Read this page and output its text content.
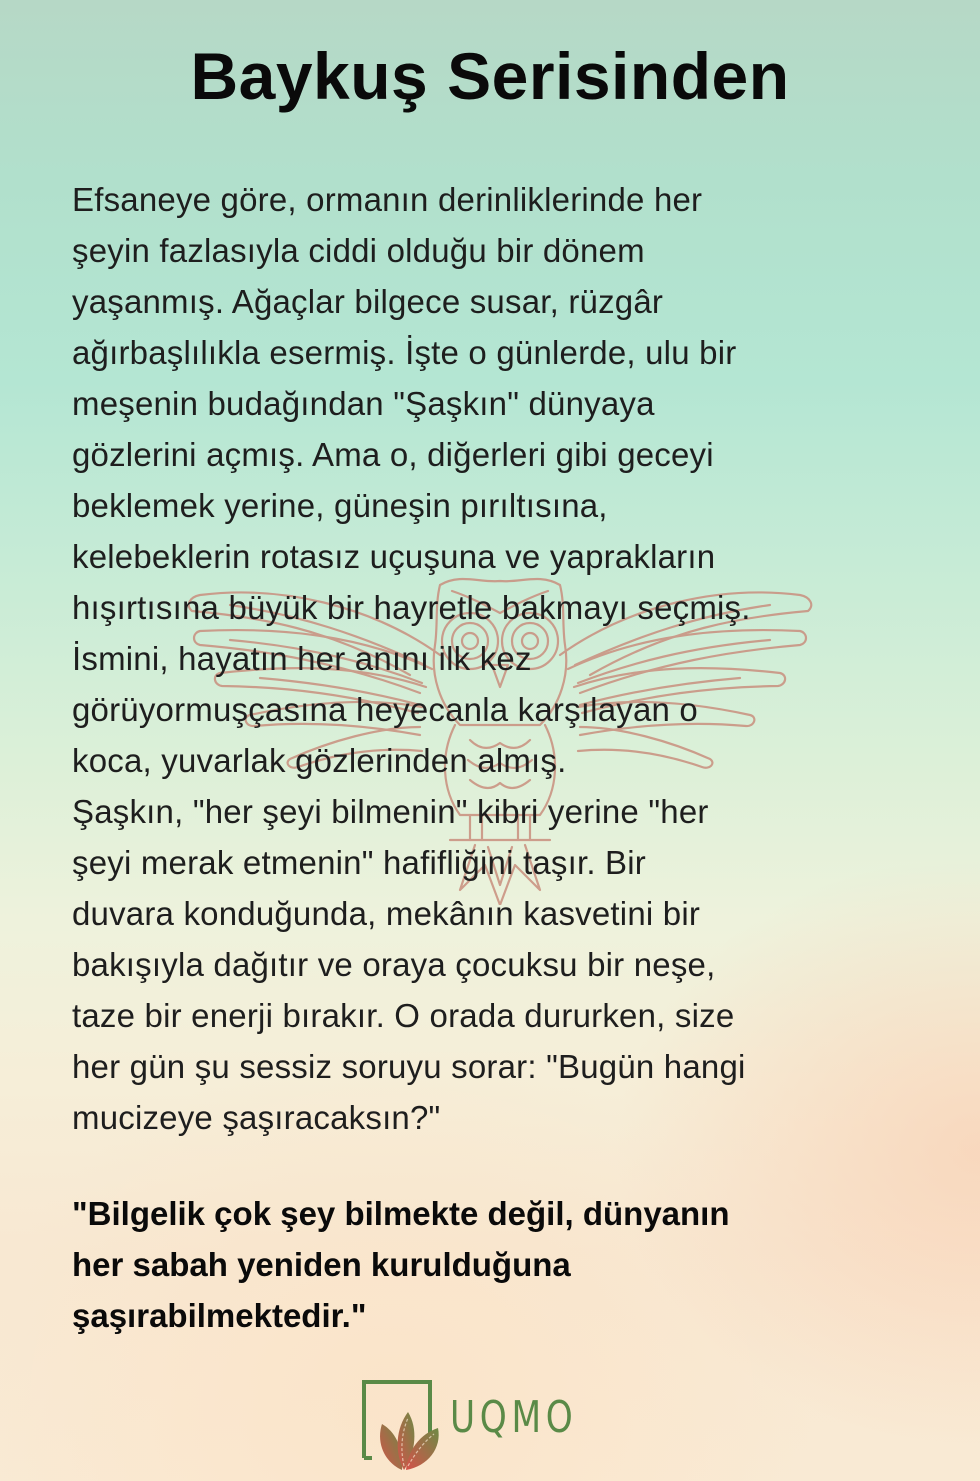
Baykuş Serisinden
Efsaneye göre, ormanın derinliklerinde her
şeyin fazlasıyla ciddi olduğu bir dönem
yaşanmış. Ağaçlar bilgece susar, rüzgâr
ağırbaşlılıkla esermiş. İşte o günlerde, ulu bir
meşenin budağından "Şaşkın" dünyaya
gözlerini açmış. Ama o, diğerleri gibi geceyi
beklemek yerine, güneşin pırıltısına,
kelebeklerin rotasız uçuşuna ve yaprakların
hışırtısına büyük bir hayretle bakmayı seçmiş.
İsmini, hayatın her anını ilk kez
görüyormuşçasına heyecanla karşılayan o
koca, yuvarlak gözlerinden almış.
Şaşkın, "her şeyi bilmenin" kibri yerine "her
şeyi merak etmenin" hafifliğini taşır. Bir
duvara konduğunda, mekânın kasvetini bir
bakışıyla dağıtır ve oraya çocuksu bir neşe,
taze bir enerji bırakır. O orada dururken, size
her gün şu sessiz soruyu sorar: "Bugün hangi
mucizeye şaşıracaksın?"
"Bilgelik çok şey bilmekte değil, dünyanın
her sabah yeniden kurulduğuna
şaşırabilmektedir."
UQMO
